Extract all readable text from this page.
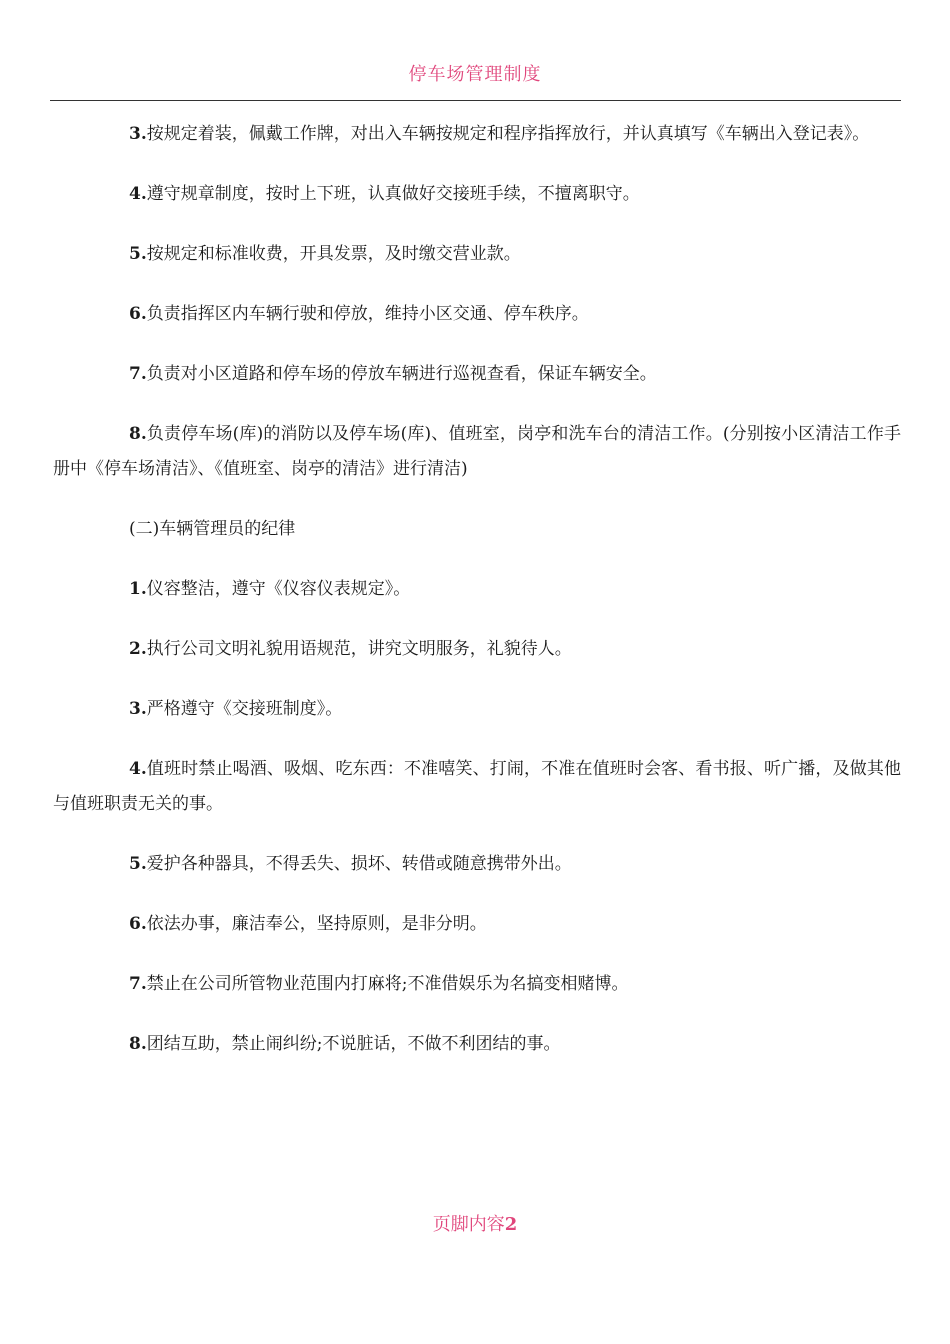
停车场管理制度

3.按规定着装，佩戴工作牌，对出入车辆按规定和程序指挥放行，并认真填写《车辆出入登记表》。

4.遵守规章制度，按时上下班，认真做好交接班手续，不擅离职守。

5.按规定和标准收费，开具发票，及时缴交营业款。

6.负责指挥区内车辆行驶和停放，维持小区交通、停车秩序。

7.负责对小区道路和停车场的停放车辆进行巡视查看，保证车辆安全。

8.负责停车场(库)的消防以及停车场(库)、值班室，岗亭和洗车台的清洁工作。(分别按小区清洁工作手册中《停车场清洁》、《值班室、岗亭的清洁》进行清洁)

(二)车辆管理员的纪律

1.仪容整洁，遵守《仪容仪表规定》。

2.执行公司文明礼貌用语规范，讲究文明服务，礼貌待人。

3.严格遵守《交接班制度》。

4.值班时禁止喝酒、吸烟、吃东西：不准嘻笑、打闹，不准在值班时会客、看书报、听广播，及做其他与值班职责无关的事。

5.爱护各种器具，不得丢失、损坏、转借或随意携带外出。

6.依法办事，廉洁奉公，坚持原则，是非分明。

7.禁止在公司所管物业范围内打麻将;不准借娱乐为名搞变相赌博。

8.团结互助，禁止闹纠纷;不说脏话，不做不利团结的事。

页脚内容2
